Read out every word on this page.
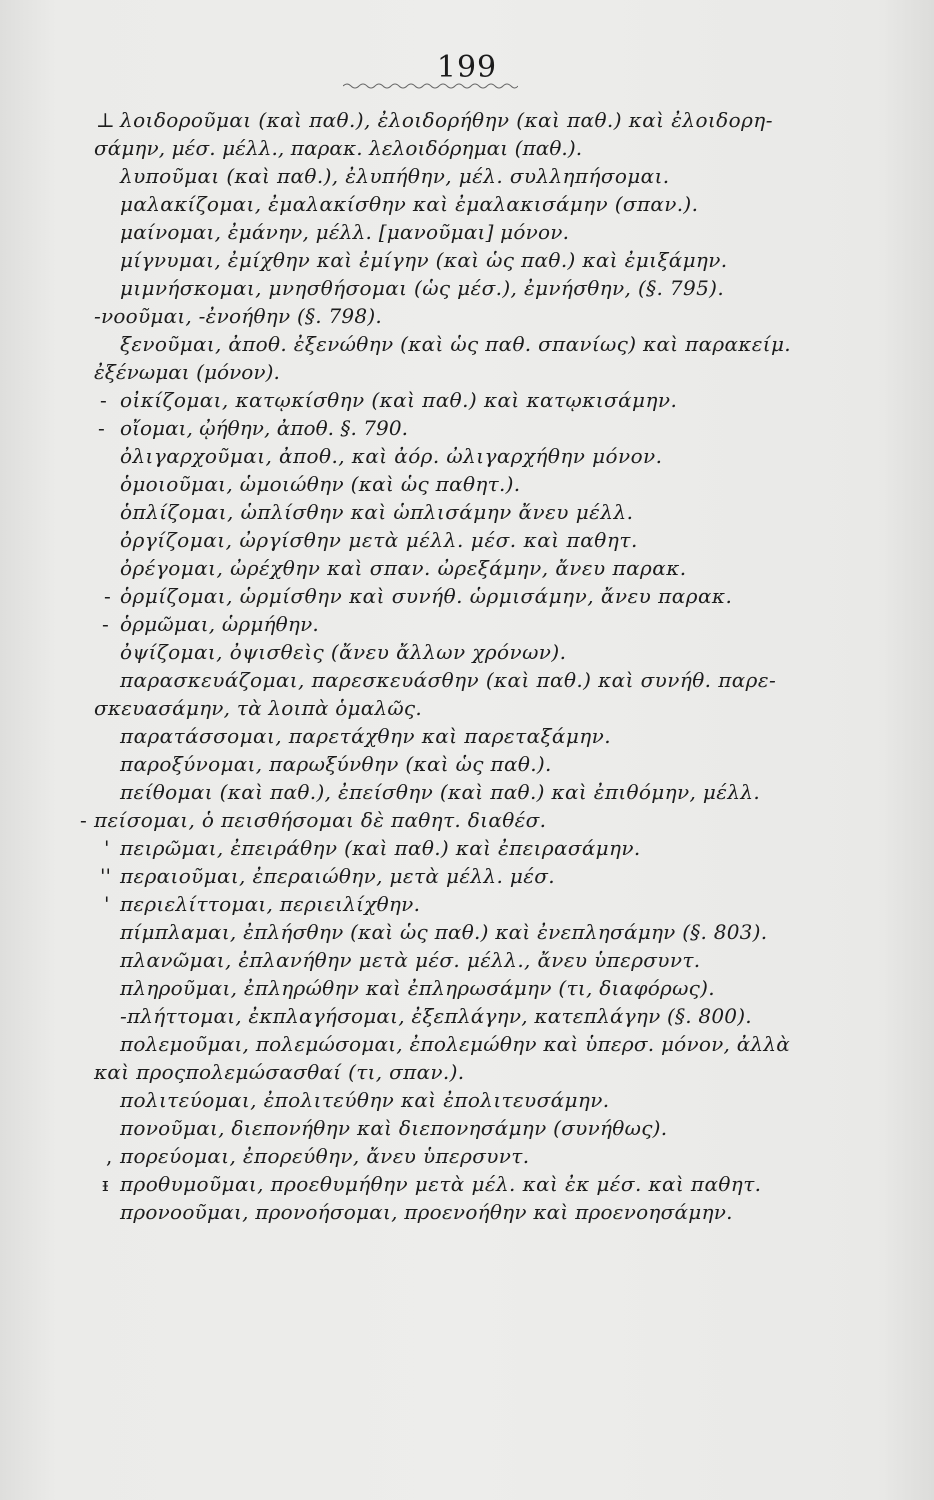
199
λοιδοροῦμαι (καὶ παθ.), ἐλοιδορήθην (καὶ παθ.) καὶ ἐλοιδορη-
σάμην, μέσ. μέλλ., παρακ. λελοιδόρημαι (παθ.).
λυποῦμαι (καὶ παθ.), ἐλυπήθην, μέλ. συλληπήσομαι.
μαλακίζομαι, ἐμαλακίσθην καὶ ἐμαλακισάμην (σπαν.).
μαίνομαι, ἐμάνην, μέλλ. [μανοῦμαι] μόνον.
μίγνυμαι, ἐμίχθην καὶ ἐμίγην (καὶ ὡς παθ.) καὶ ἐμιξάμην.
μιμνήσκομαι, μνησθήσομαι (ὡς μέσ.), ἐμνήσθην, (§. 795).
-νοοῦμαι, -ἐνοήθην (§. 798).
ξενοῦμαι, ἀποθ. ἐξενώθην (καὶ ὡς παθ. σπανίως) καὶ παρακείμ.
ἐξένωμαι (μόνον).
οἰκίζομαι, κατῳκίσθην (καὶ παθ.) καὶ κατῳκισάμην.
οἴομαι, ᾠήθην, ἀποθ. §. 790.
ὀλιγαρχοῦμαι, ἀποθ., καὶ ἀόρ. ὠλιγαρχήθην μόνον.
ὁμοιοῦμαι, ὡμοιώθην (καὶ ὡς παθητ.).
ὁπλίζομαι, ὡπλίσθην καὶ ὡπλισάμην ἄνευ μέλλ.
ὀργίζομαι, ὠργίσθην μετὰ μέλλ. μέσ. καὶ παθητ.
ὀρέγομαι, ὠρέχθην καὶ σπαν. ὠρεξάμην, ἄνευ παρακ.
ὁρμίζομαι, ὡρμίσθην καὶ συνήθ. ὡρμισάμην, ἄνευ παρακ.
ὁρμῶμαι, ὡρμήθην.
ὀψίζομαι, ὀψισθεὶς (ἄνευ ἄλλων χρόνων).
παρασκευάζομαι, παρεσκευάσθην (καὶ παθ.) καὶ συνήθ. παρε-
σκευασάμην, τὰ λοιπὰ ὁμαλῶς.
παρατάσσομαι, παρετάχθην καὶ παρεταξάμην.
παροξύνομαι, παρωξύνθην (καὶ ὡς παθ.).
πείθομαι (καὶ παθ.), ἐπείσθην (καὶ παθ.) καὶ ἐπιθόμην, μέλλ.
πείσομαι, ὁ πεισθήσομαι δὲ παθητ. διαθέσ.
πειρῶμαι, ἐπειράθην (καὶ παθ.) καὶ ἐπειρασάμην.
περαιοῦμαι, ἐπεραιώθην, μετὰ μέλλ. μέσ.
περιελίττομαι, περιειλίχθην.
πίμπλαμαι, ἐπλήσθην (καὶ ὡς παθ.) καὶ ἐνεπλησάμην (§. 803).
πλανῶμαι, ἐπλανήθην μετὰ μέσ. μέλλ., ἄνευ ὑπερσυντ.
πληροῦμαι, ἐπληρώθην καὶ ἐπληρωσάμην (τι, διαφόρως).
-πλήττομαι, ἐκπλαγήσομαι, ἐξεπλάγην, κατεπλάγην (§. 800).
πολεμοῦμαι, πολεμώσομαι, ἐπολεμώθην καὶ ὑπερσ. μόνον, ἀλλὰ
καὶ προςπολεμώσασθαί (τι, σπαν.).
πολιτεύομαι, ἐπολιτεύθην καὶ ἐπολιτευσάμην.
πονοῦμαι, διεπονήθην καὶ διεπονησάμην (συνήθως).
πορεύομαι, ἐπορεύθην, ἄνευ ὑπερσυντ.
προθυμοῦμαι, προεθυμήθην μετὰ μέλ. καὶ ἐκ μέσ. καὶ παθητ.
προνοοῦμαι, προνοήσομαι, προενοήθην καὶ προενοησάμην.
⊥
-
-
-
-
-
'
''
'
,
ᵻ
